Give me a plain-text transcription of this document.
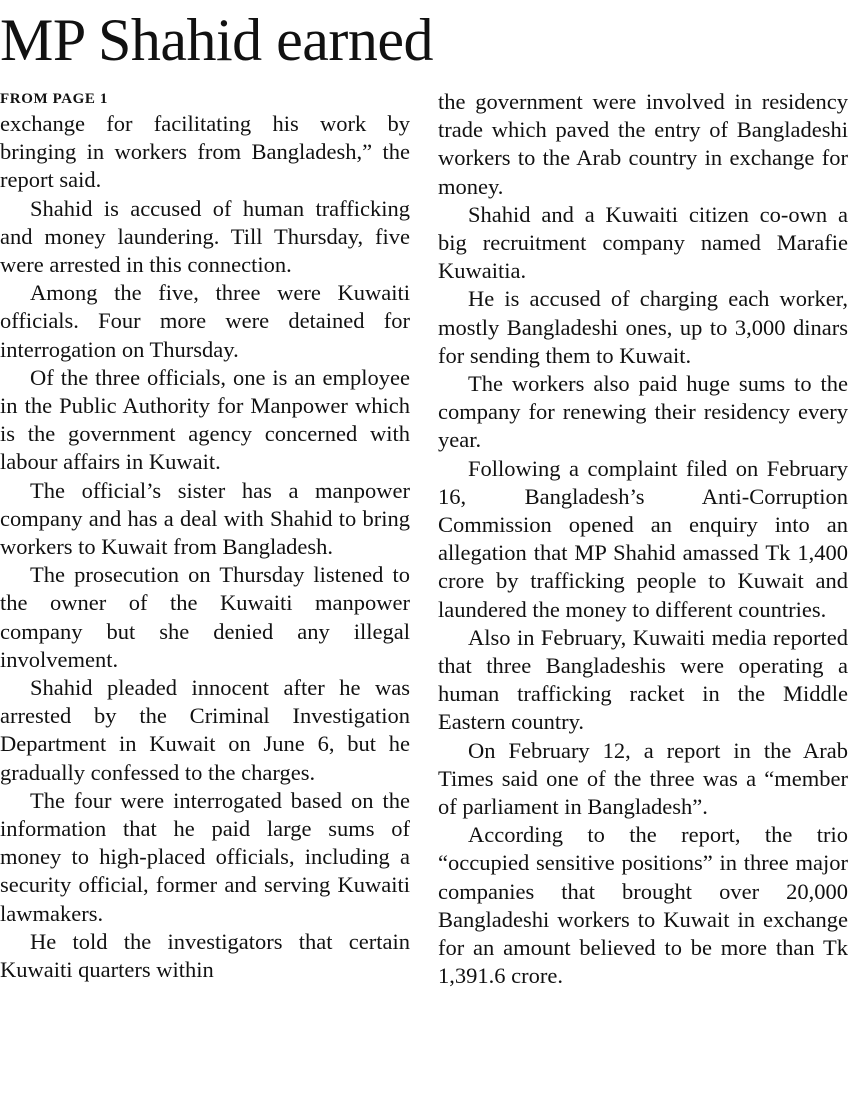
MP Shahid earned
FROM PAGE 1

exchange for facilitating his work by bringing in workers from Bangladesh,” the report said.

Shahid is accused of human trafficking and money laundering. Till Thursday, five were arrested in this connection.

Among the five, three were Kuwaiti officials. Four more were detained for interrogation on Thursday.

Of the three officials, one is an employee in the Public Authority for Manpower which is the government agency concerned with labour affairs in Kuwait.

The official’s sister has a manpower company and has a deal with Shahid to bring workers to Kuwait from Bangladesh.

The prosecution on Thursday listened to the owner of the Kuwaiti manpower company but she denied any illegal involvement.

Shahid pleaded innocent after he was arrested by the Criminal Investigation Department in Kuwait on June 6, but he gradually confessed to the charges.

The four were interrogated based on the information that he paid large sums of money to high-placed officials, including a security official, former and serving Kuwaiti lawmakers.

He told the investigators that certain Kuwaiti quarters within

the government were involved in residency trade which paved the entry of Bangladeshi workers to the Arab country in exchange for money.

Shahid and a Kuwaiti citizen co-own a big recruitment company named Marafie Kuwaitia.

He is accused of charging each worker, mostly Bangladeshi ones, up to 3,000 dinars for sending them to Kuwait.

The workers also paid huge sums to the company for renewing their residency every year.

Following a complaint filed on February 16, Bangladesh’s Anti-Corruption Commission opened an enquiry into an allegation that MP Shahid amassed Tk 1,400 crore by trafficking people to Kuwait and laundered the money to different countries.

Also in February, Kuwaiti media reported that three Bangladeshis were operating a human trafficking racket in the Middle Eastern country.

On February 12, a report in the Arab Times said one of the three was a “member of parliament in Bangladesh”.

According to the report, the trio “occupied sensitive positions” in three major companies that brought over 20,000 Bangladeshi workers to Kuwait in exchange for an amount believed to be more than Tk 1,391.6 crore.
